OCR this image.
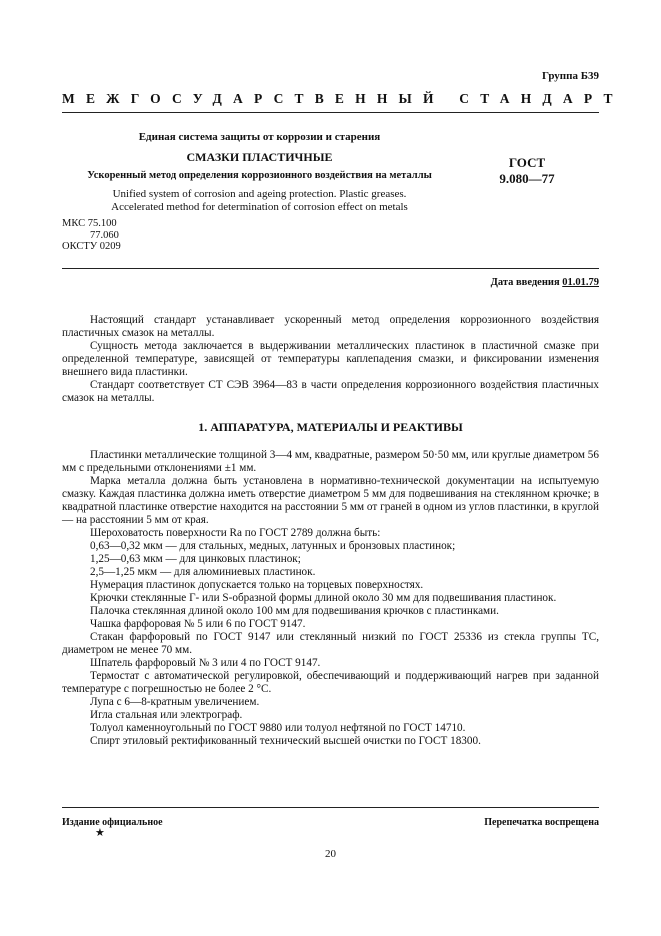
Группа Б39
МЕЖГОСУДАРСТВЕННЫЙ СТАНДАРТ
Единая система защиты от коррозии и старения
СМАЗКИ ПЛАСТИЧНЫЕ
Ускоренный метод определения коррозионного воздействия на металлы
ГОСТ
9.080—77
Unified system of corrosion and ageing protection. Plastic greases.
Accelerated method for determination of corrosion effect on metals
МКС 75.100
77.060
ОКСТУ 0209
Дата введения 01.01.79

Настоящий стандарт устанавливает ускоренный метод определения коррозионного воздействия пластичных смазок на металлы.

Сущность метода заключается в выдерживании металлических пластинок в пластичной смазке при определенной температуре, зависящей от температуры каплепадения смазки, и фиксировании изменения внешнего вида пластинки.

Стандарт соответствует СТ СЭВ 3964—83 в части определения коррозионного воздействия пластичных смазок на металлы.

1. АППАРАТУРА, МАТЕРИАЛЫ И РЕАКТИВЫ

Пластинки металлические толщиной 3—4 мм, квадратные, размером 50·50 мм, или круглые диаметром 56 мм с предельными отклонениями ±1 мм.

Марка металла должна быть установлена в нормативно-технической документации на испытуемую смазку. Каждая пластинка должна иметь отверстие диаметром 5 мм для подвешивания на стеклянном крючке; в квадратной пластинке отверстие находится на расстоянии 5 мм от граней в одном из углов пластинки, в круглой — на расстоянии 5 мм от края.

Шероховатость поверхности Ra по ГОСТ 2789 должна быть:

0,63—0,32 мкм — для стальных, медных, латунных и бронзовых пластинок;

1,25—0,63 мкм — для цинковых пластинок;

2,5—1,25 мкм — для алюминиевых пластинок.

Нумерация пластинок допускается только на торцевых поверхностях.

Крючки стеклянные Г- или S-образной формы длиной около 30 мм для подвешивания пластинок.

Палочка стеклянная длиной около 100 мм для подвешивания крючков с пластинками.

Чашка фарфоровая № 5 или 6 по ГОСТ 9147.

Стакан фарфоровый по ГОСТ 9147 или стеклянный низкий по ГОСТ 25336 из стекла группы ТС, диаметром не менее 70 мм.

Шпатель фарфоровый № 3 или 4 по ГОСТ 9147.

Термостат с автоматической регулировкой, обеспечивающий и поддерживающий нагрев при заданной температуре с погрешностью не более 2 °С.

Лупа с 6—8-кратным увеличением.

Игла стальная или электрограф.

Толуол каменноугольный по ГОСТ 9880 или толуол нефтяной по ГОСТ 14710.

Спирт этиловый ректификованный технический высшей очистки по ГОСТ 18300.

Издание официальное
★
Перепечатка воспрещена
20
